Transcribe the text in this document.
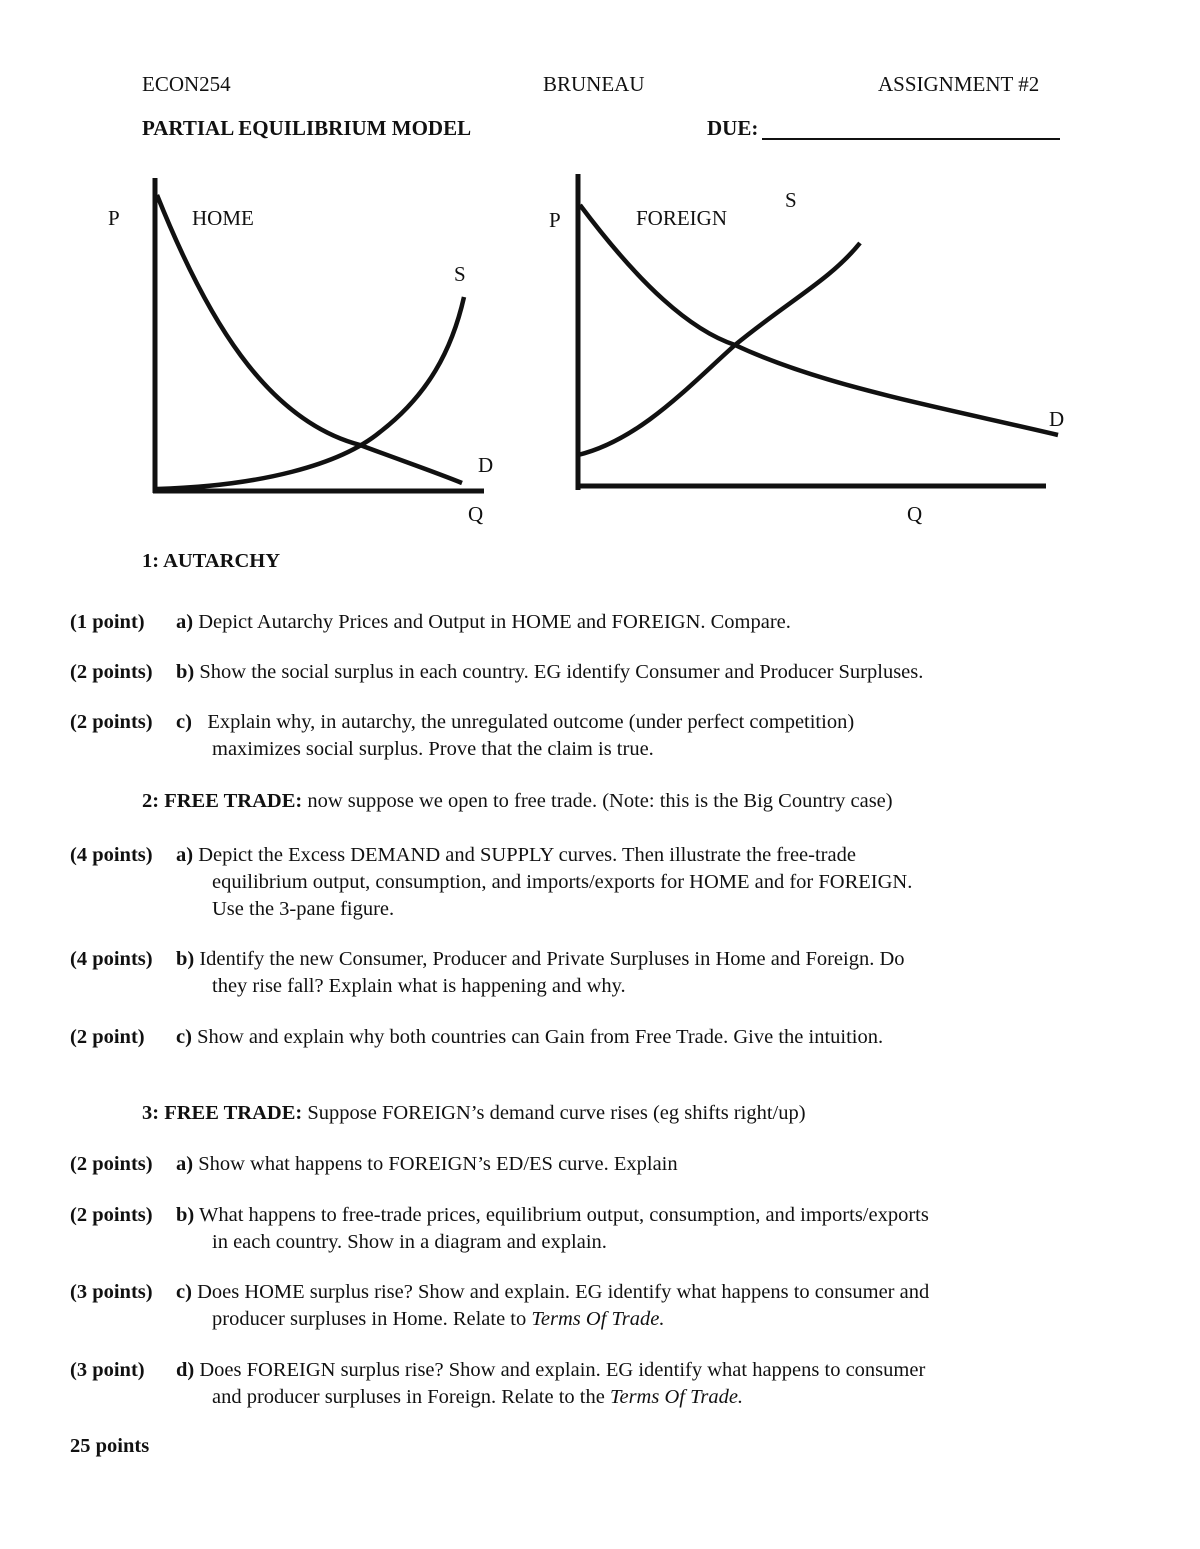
ECON254	BRUNEAU	ASSIGNMENT #2
PARTIAL EQUILIBRIUM MODEL	DUE:
P	HOME
S
D
Q
P	FOREIGN
S
D
Q
1: AUTARCHY
(1 point) a) Depict Autarchy Prices and Output in HOME and FOREIGN. Compare.
(2 points) b) Show the social surplus in each country. EG identify Consumer and Producer Surpluses.
(2 points) c) Explain why, in autarchy, the unregulated outcome (under perfect competition)
maximizes social surplus. Prove that the claim is true.
2: FREE TRADE: now suppose we open to free trade. (Note: this is the Big Country case)
(4 points) a) Depict the Excess DEMAND and SUPPLY curves. Then illustrate the free-trade
equilibrium output, consumption, and imports/exports for HOME and for FOREIGN.
Use the 3-pane figure.
(4 points) b) Identify the new Consumer, Producer and Private Surpluses in Home and Foreign. Do
they rise fall? Explain what is happening and why.
(2 point) c) Show and explain why both countries can Gain from Free Trade. Give the intuition.
3: FREE TRADE: Suppose FOREIGN’s demand curve rises (eg shifts right/up)
(2 points) a) Show what happens to FOREIGN’s ED/ES curve. Explain
(2 points) b) What happens to free-trade prices, equilibrium output, consumption, and imports/exports
in each country. Show in a diagram and explain.
(3 points) c) Does HOME surplus rise? Show and explain. EG identify what happens to consumer and
producer surpluses in Home. Relate to Terms Of Trade.
(3 point) d) Does FOREIGN surplus rise? Show and explain. EG identify what happens to consumer
and producer surpluses in Foreign. Relate to the Terms Of Trade.
25 points
